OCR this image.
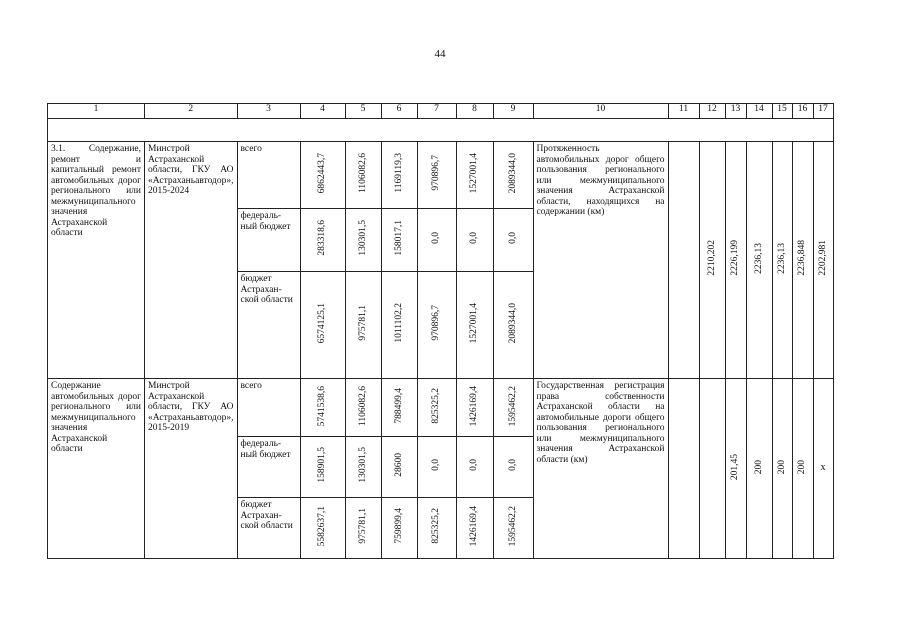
44
1	2	3	4	5	6	7	8	9	10	11	12	13	14	15	16	17

3.1. Содержание, ремонт и капитальный ремонт автомобильных дорог регионального или межмуниципального значения Астраханской области	Минстрой Астраханской области, ГКУ АО «Астраханьавтодор», 2015-2024	всего	6862443,7	1106082,6	1169119,3	970896,7	1527001,4	2089344,0	Протяженность автомобильных дорог общего пользования регионального или межмуниципального значения Астраханской области, находящихся на содержании (км)		2210,202	2226,199	2236,13	2236,13	2236,848	2202,981
		федераль-ный бюджет	283318,6	130301,5	158017,1	0,0	0,0	0,0								
		бюджет Астрахан-ской области	6574125,1	975781,1	1011102,2	970896,7	1527001,4	2089344,0								
Содержание автомобильных дорог регионального или межмуниципального значения Астраханской области	Минстрой Астраханской области, ГКУ АО «Астраханьавтодор», 2015-2019	всего	5741538,6	1106082,6	788499,4	825325,2	1426169,4	1595462,2	Государственная регистрация права собственности Астраханской области на автомобильные дороги общего пользования регионального или межмуниципального значения Астраханской области (км)			201,45	200	200	200	х
		федераль-ный бюджет	158901,5	130301,5	28600	0,0	0,0	0,0								
		бюджет Астрахан-ской области	5582637,1	975781,1	759899,4	825325,2	1426169,4	1595462,2								
